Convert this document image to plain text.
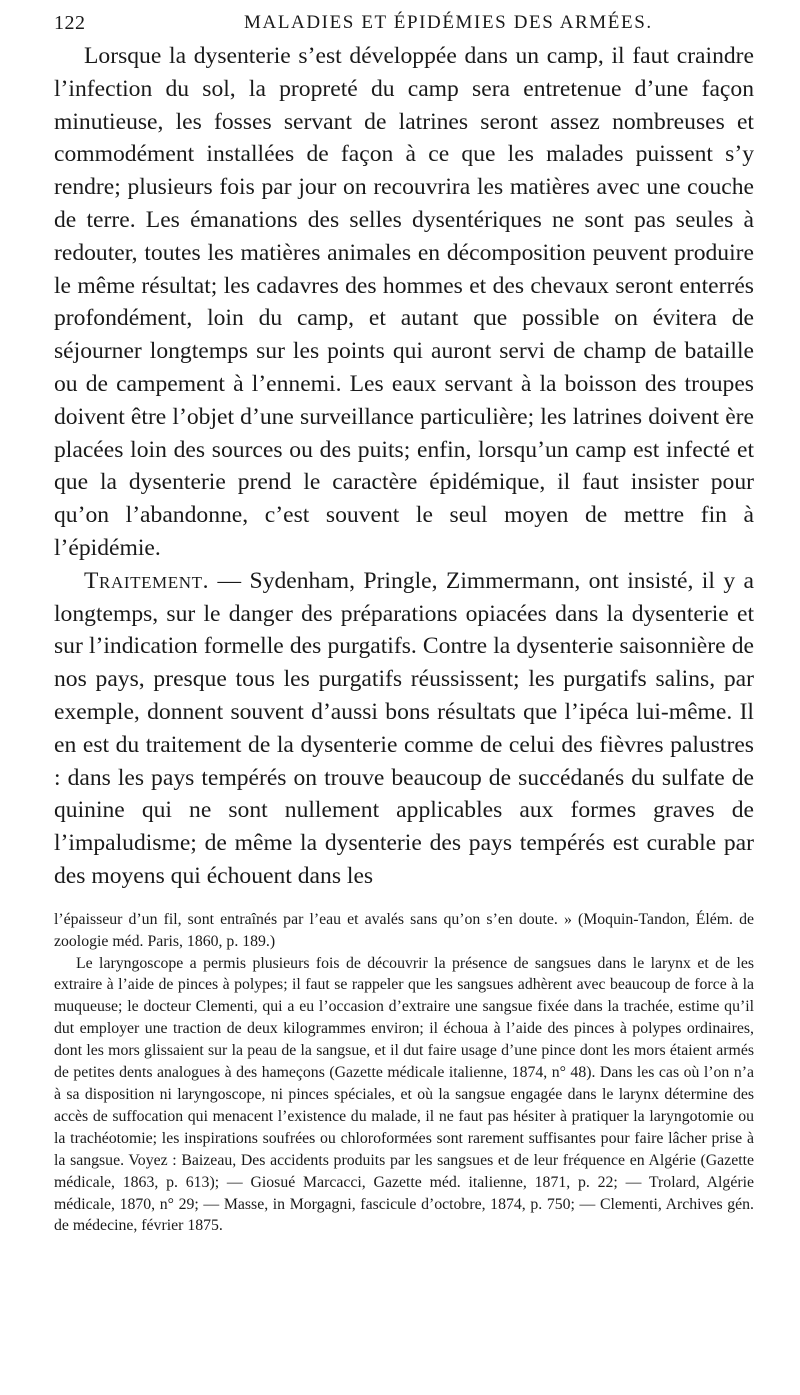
122	MALADIES ET ÉPIDÉMIES DES ARMÉES.

Lorsque la dysenterie s’est développée dans un camp, il faut craindre l’infection du sol, la propreté du camp sera entretenue d’une façon minutieuse, les fosses servant de latrines seront assez nombreuses et commodément installées de façon à ce que les malades puissent s’y rendre; plusieurs fois par jour on recouvrira les matières avec une couche de terre. Les émanations des selles dysentériques ne sont pas seules à redouter, toutes les matières animales en décomposition peuvent produire le même résultat; les cadavres des hommes et des chevaux seront enterrés profondément, loin du camp, et autant que possible on évitera de séjourner longtemps sur les points qui auront servi de champ de bataille ou de campement à l’ennemi. Les eaux servant à la boisson des troupes doivent être l’objet d’une surveillance particulière; les latrines doivent ère placées loin des sources ou des puits; enfin, lorsqu’un camp est infecté et que la dysenterie prend le caractère épidémique, il faut insister pour qu’on l’abandonne, c’est souvent le seul moyen de mettre fin à l’épidémie.

Traitement. — Sydenham, Pringle, Zimmermann, ont insisté, il y a longtemps, sur le danger des préparations opiacées dans la dysenterie et sur l’indication formelle des purgatifs. Contre la dysenterie saisonnière de nos pays, presque tous les purgatifs réussissent; les purgatifs salins, par exemple, donnent souvent d’aussi bons résultats que l’ipéca lui-même. Il en est du traitement de la dysenterie comme de celui des fièvres palustres : dans les pays tempérés on trouve beaucoup de succédanés du sulfate de quinine qui ne sont nullement applicables aux formes graves de l’impaludisme; de même la dysenterie des pays tempérés est curable par des moyens qui échouent dans les

l’épaisseur d’un fil, sont entraînés par l’eau et avalés sans qu’on s’en doute. » (Moquin-Tandon, Élém. de zoologie méd. Paris, 1860, p. 189.)

Le laryngoscope a permis plusieurs fois de découvrir la présence de sangsues dans le larynx et de les extraire à l’aide de pinces à polypes; il faut se rappeler que les sangsues adhèrent avec beaucoup de force à la muqueuse; le docteur Clementi, qui a eu l’occasion d’extraire une sangsue fixée dans la trachée, estime qu’il dut employer une traction de deux kilogrammes environ; il échoua à l’aide des pinces à polypes ordinaires, dont les mors glissaient sur la peau de la sangsue, et il dut faire usage d’une pince dont les mors étaient armés de petites dents analogues à des hameçons (Gazette médicale italienne, 1874, n° 48). Dans les cas où l’on n’a à sa disposition ni laryngoscope, ni pinces spéciales, et où la sangsue engagée dans le larynx détermine des accès de suffocation qui menacent l’existence du malade, il ne faut pas hésiter à pratiquer la laryngotomie ou la trachéotomie; les inspirations soufrées ou chloroformées sont rarement suffisantes pour faire lâcher prise à la sangsue. Voyez : Baizeau, Des accidents produits par les sangsues et de leur fréquence en Algérie (Gazette médicale, 1863, p. 613); — Giosué Marcacci, Gazette méd. italienne, 1871, p. 22; — Trolard, Algérie médicale, 1870, n° 29; — Masse, in Morgagni, fascicule d’octobre, 1874, p. 750; — Clementi, Archives gén. de médecine, février 1875.
